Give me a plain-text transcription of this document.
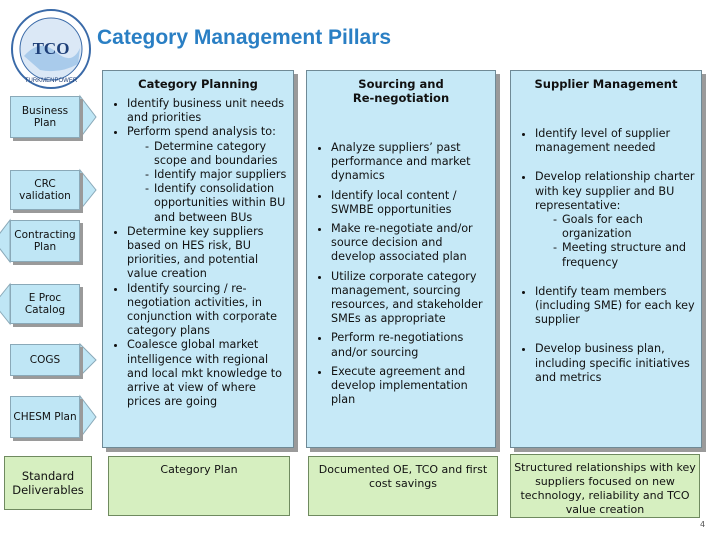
TCO
TURKMENPOWER
Category Management Pillars
Business Plan
CRC validation
Contracting Plan
E Proc Catalog
COGS
CHESM Plan
Category Planning
• Identify business unit needs and priorities
• Perform spend analysis to:
- Determine category scope and boundaries
- Identify major suppliers
- Identify consolidation opportunities within BU and between BUs
• Determine key suppliers based on HES risk, BU priorities, and potential value creation
• Identify sourcing / re-negotiation activities, in conjunction with corporate category plans
• Coalesce global market intelligence with regional and local mkt knowledge to arrive at view of where prices are going
Sourcing and
Re-negotiation
• Analyze suppliers’ past performance and market dynamics
• Identify local content / SWMBE opportunities
• Make re-negotiate and/or source decision and develop associated plan
• Utilize corporate category management, sourcing resources, and stakeholder SMEs as appropriate
• Perform re-negotiations and/or sourcing
• Execute agreement and develop implementation plan
Supplier Management
• Identify level of supplier management needed
• Develop relationship charter with key supplier and BU representative:
- Goals for each organization
- Meeting structure and frequency
• Identify team members (including SME) for each key supplier
• Develop business plan, including specific initiatives and metrics
Standard Deliverables
Category Plan	Documented OE, TCO and first cost savings
Structured relationships with key suppliers focused on new technology, reliability and TCO value creation
4
